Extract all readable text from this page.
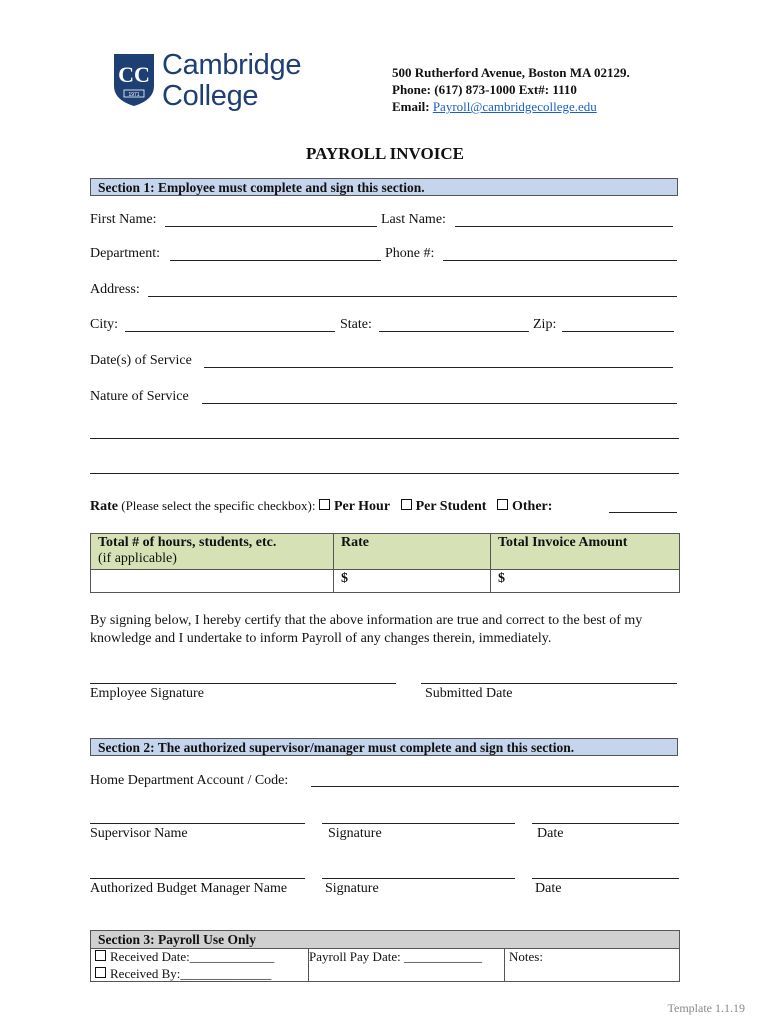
CC
1971
Cambridge
College
500 Rutherford Avenue, Boston MA 02129.
Phone: (617) 873-1000 Ext#: 1110
Email: Payroll@cambridgecollege.edu
PAYROLL INVOICE
Section 1: Employee must complete and sign this section.
First Name:	Last Name:
Department:	Phone #:
Address:
City:	State:	Zip:
Date(s) of Service
Nature of Service
Rate (Please select the specific checkbox): Per Hour Per Student Other:
Total # of hours, students, etc.
(if applicable)	Rate	Total Invoice Amount
	$	$
By signing below, I hereby certify that the above information are true and correct to the best of my knowledge and I undertake to inform Payroll of any changes therein, immediately.
Employee Signature	Submitted Date
Section 2: The authorized supervisor/manager must complete and sign this section.
Home Department Account / Code:
Supervisor Name	Signature	Date
Authorized Budget Manager Name	Signature	Date
Section 3: Payroll Use Only
Received Date:_____________
Received By:______________
Payroll Pay Date: ____________	Notes:
Template 1.1.19
